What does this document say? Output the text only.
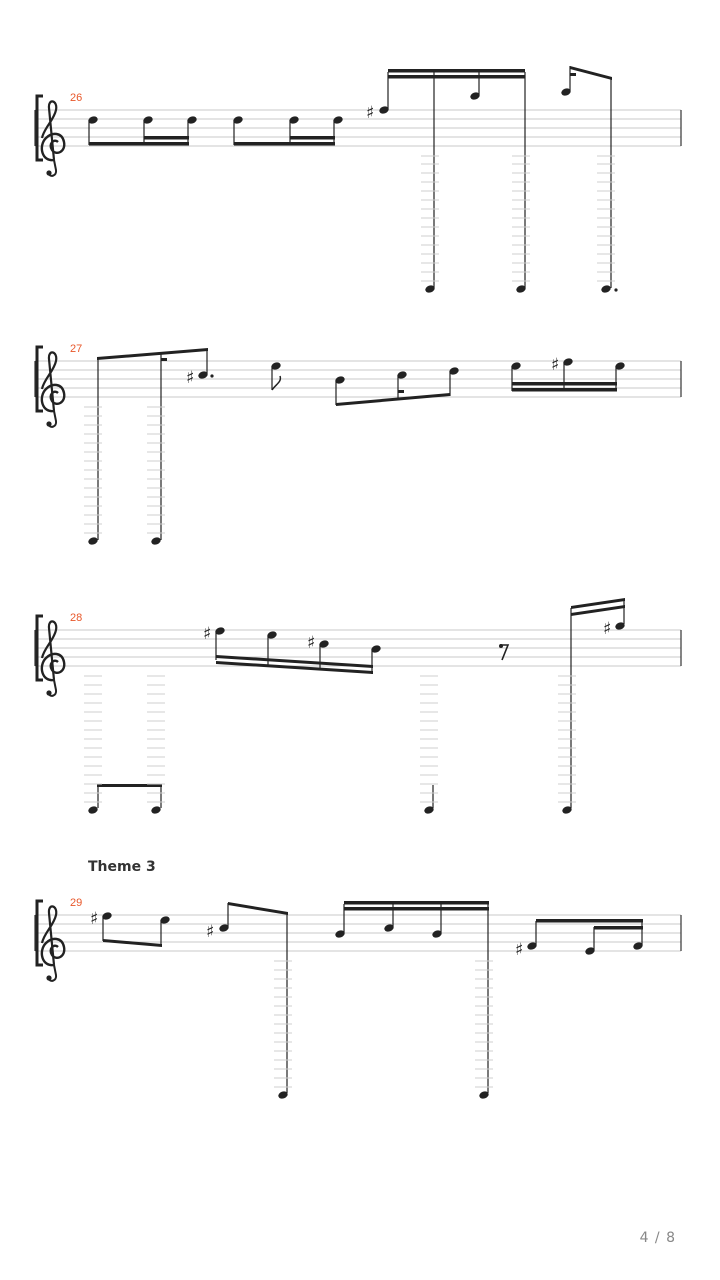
26
♯
27
♯
♯
28
♯	♯
♯
Theme 3
29
♯
♯
♯
4 / 8
